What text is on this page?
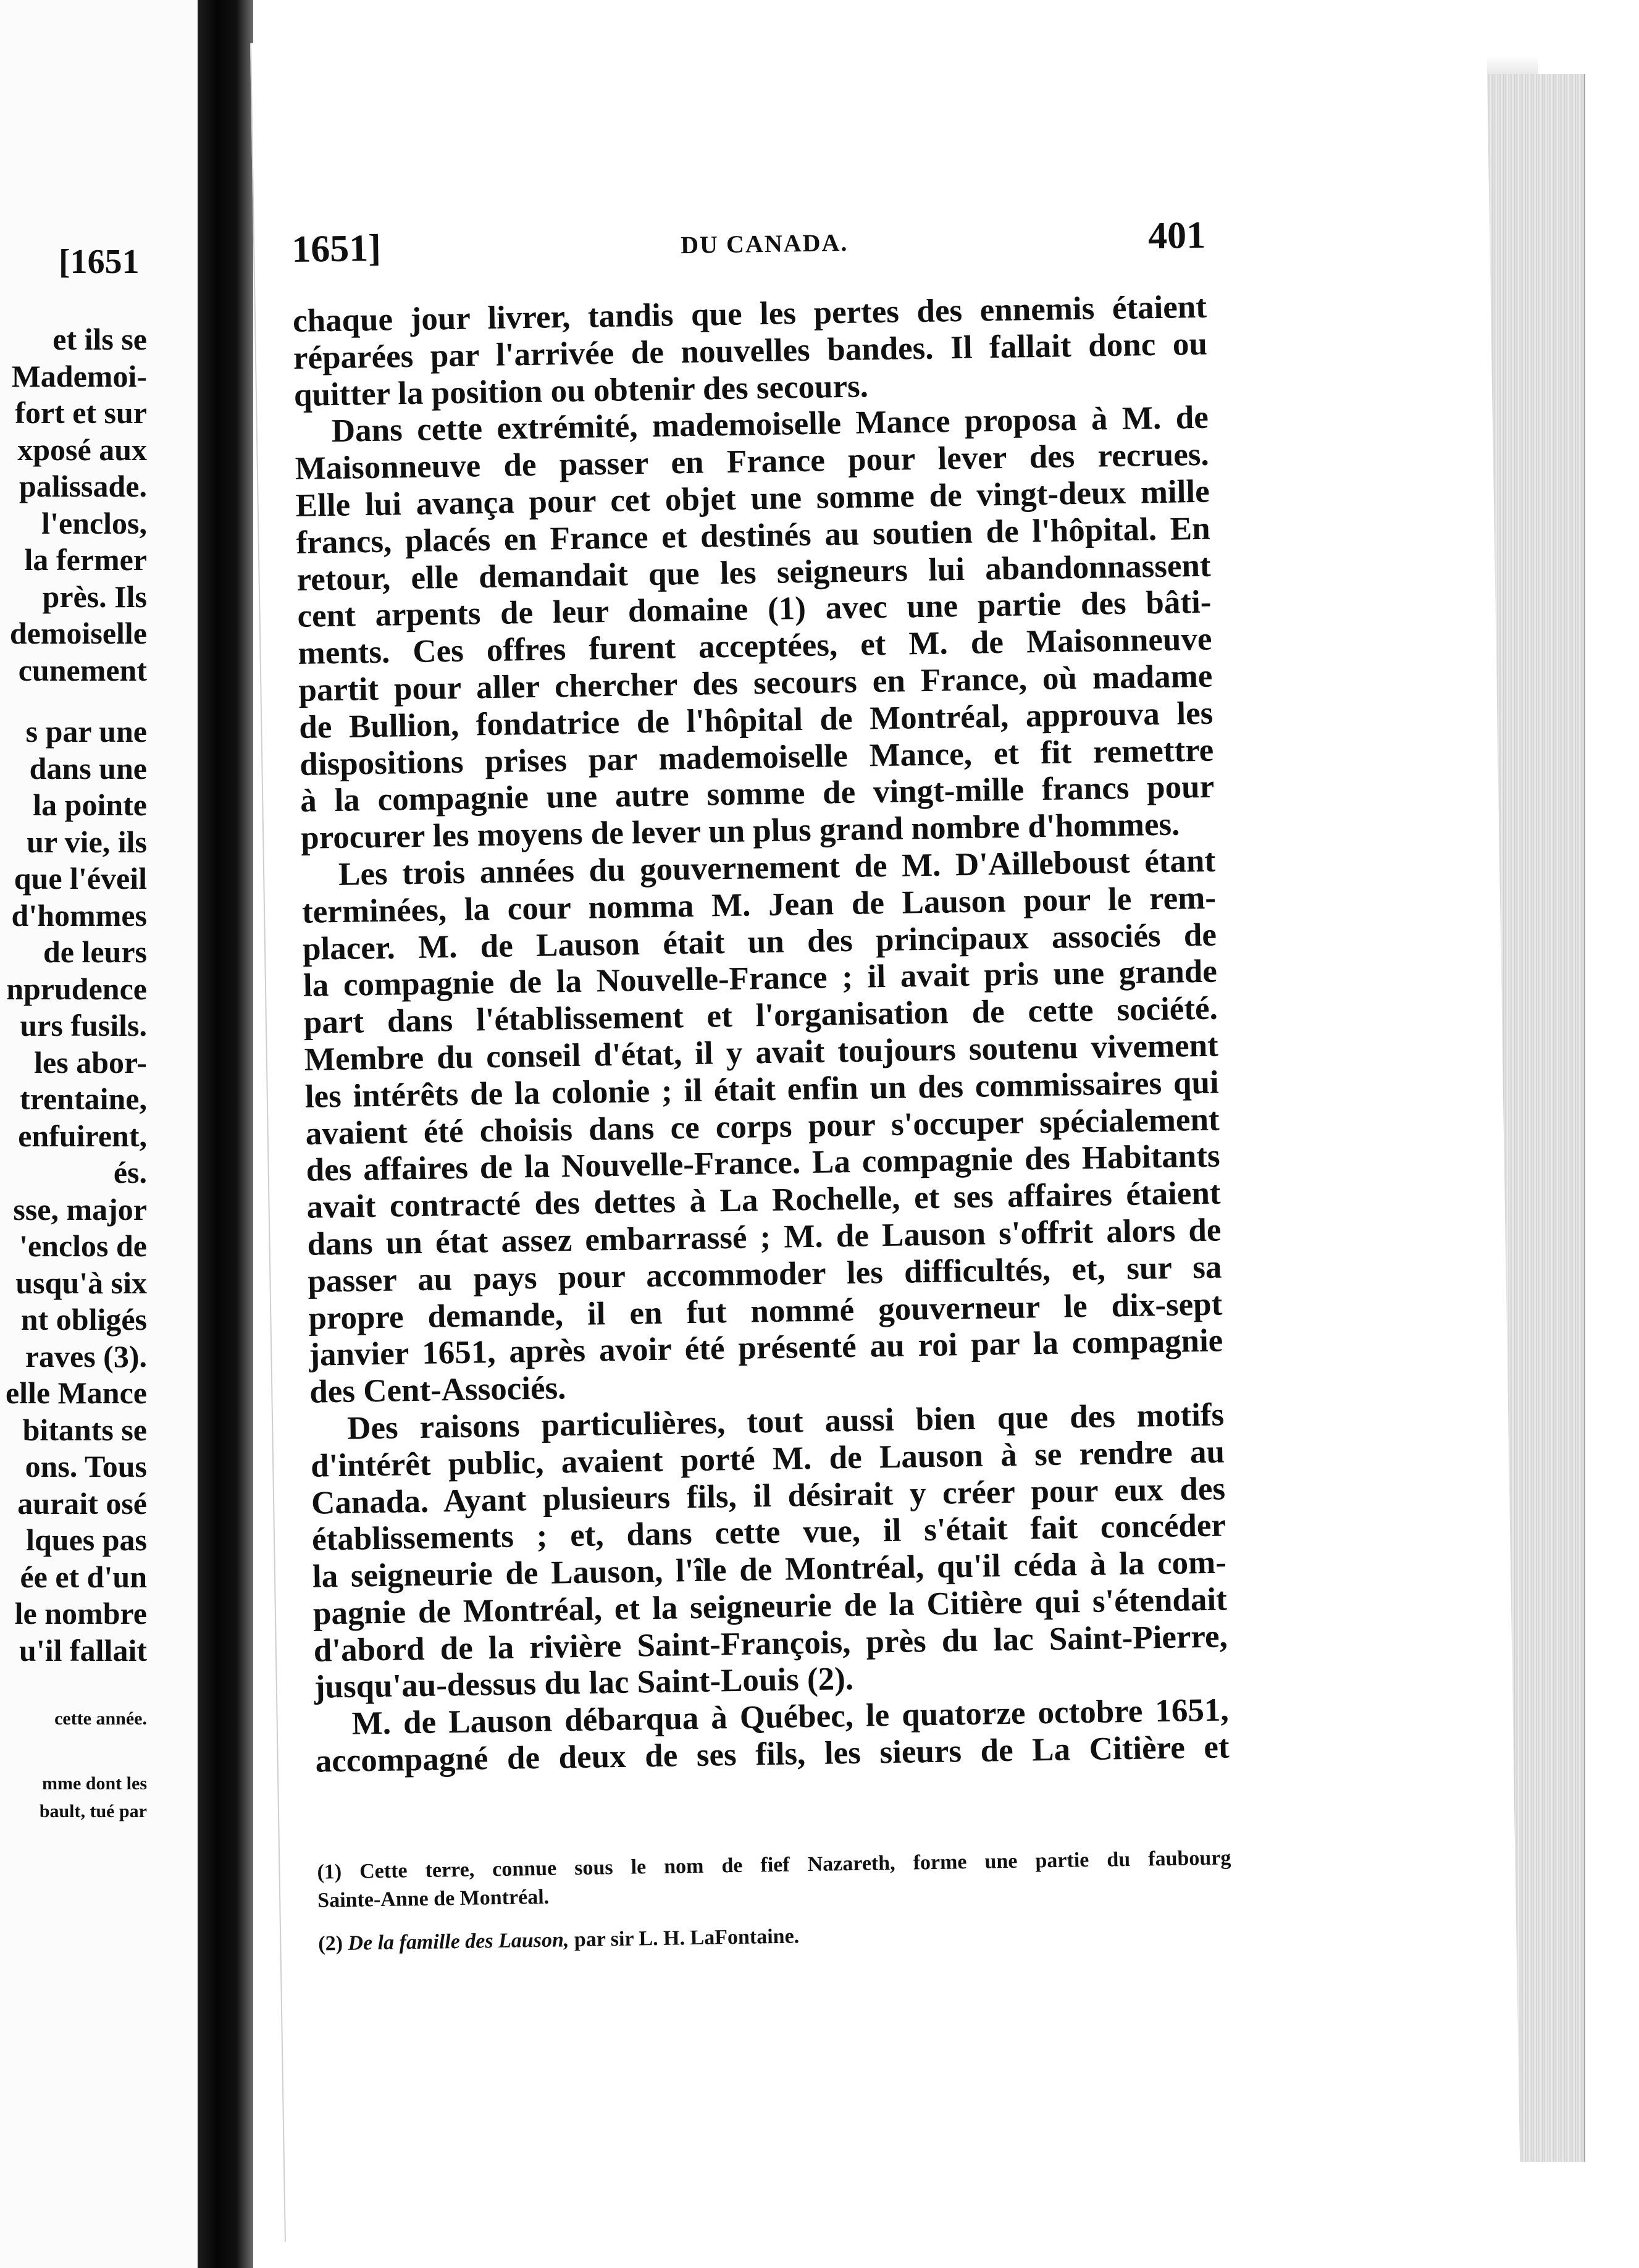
[1651
et ils se
Mademoi-
fort et sur
xposé aux
palissade.
l'enclos,
la fermer
près. Ils
demoiselle
cunement
s par une
dans une
la pointe
ur vie, ils
que l'éveil
d'hommes
de leurs
nprudence
urs fusils.
les abor-
trentaine,
enfuirent,
és.
sse, major
'enclos de
usqu'à six
nt obligés
raves (3).
elle Mance
bitants se
ons. Tous
aurait osé
lques pas
ée et d'un
le nombre
u'il fallait
cette année.
mme dont les
bault, tué par
1651]	DU CANADA.	401
chaque jour livrer, tandis que les pertes des ennemis étaient
réparées par l'arrivée de nouvelles bandes. Il fallait donc ou
quitter la position ou obtenir des secours.
Dans cette extrémité, mademoiselle Mance proposa à M. de
Maisonneuve de passer en France pour lever des recrues.
Elle lui avança pour cet objet une somme de vingt-deux mille
francs, placés en France et destinés au soutien de l'hôpital. En
retour, elle demandait que les seigneurs lui abandonnassent
cent arpents de leur domaine (1) avec une partie des bâti-
ments. Ces offres furent acceptées, et M. de Maisonneuve
partit pour aller chercher des secours en France, où madame
de Bullion, fondatrice de l'hôpital de Montréal, approuva les
dispositions prises par mademoiselle Mance, et fit remettre
à la compagnie une autre somme de vingt-mille francs pour
procurer les moyens de lever un plus grand nombre d'hommes.
Les trois années du gouvernement de M. D'Ailleboust étant
terminées, la cour nomma M. Jean de Lauson pour le rem-
placer. M. de Lauson était un des principaux associés de
la compagnie de la Nouvelle-France ; il avait pris une grande
part dans l'établissement et l'organisation de cette société.
Membre du conseil d'état, il y avait toujours soutenu vivement
les intérêts de la colonie ; il était enfin un des commissaires qui
avaient été choisis dans ce corps pour s'occuper spécialement
des affaires de la Nouvelle-France. La compagnie des Habitants
avait contracté des dettes à La Rochelle, et ses affaires étaient
dans un état assez embarrassé ; M. de Lauson s'offrit alors de
passer au pays pour accommoder les difficultés, et, sur sa
propre demande, il en fut nommé gouverneur le dix-sept
janvier 1651, après avoir été présenté au roi par la compagnie
des Cent-Associés.
Des raisons particulières, tout aussi bien que des motifs
d'intérêt public, avaient porté M. de Lauson à se rendre au
Canada. Ayant plusieurs fils, il désirait y créer pour eux des
établissements ; et, dans cette vue, il s'était fait concéder
la seigneurie de Lauson, l'île de Montréal, qu'il céda à la com-
pagnie de Montréal, et la seigneurie de la Citière qui s'étendait
d'abord de la rivière Saint-François, près du lac Saint-Pierre,
jusqu'au-dessus du lac Saint-Louis (2).
M. de Lauson débarqua à Québec, le quatorze octobre 1651,
accompagné de deux de ses fils, les sieurs de La Citière et
(1) Cette terre, connue sous le nom de fief Nazareth, forme une partie du faubourg
Sainte-Anne de Montréal.
(2) De la famille des Lauson, par sir L. H. LaFontaine.
